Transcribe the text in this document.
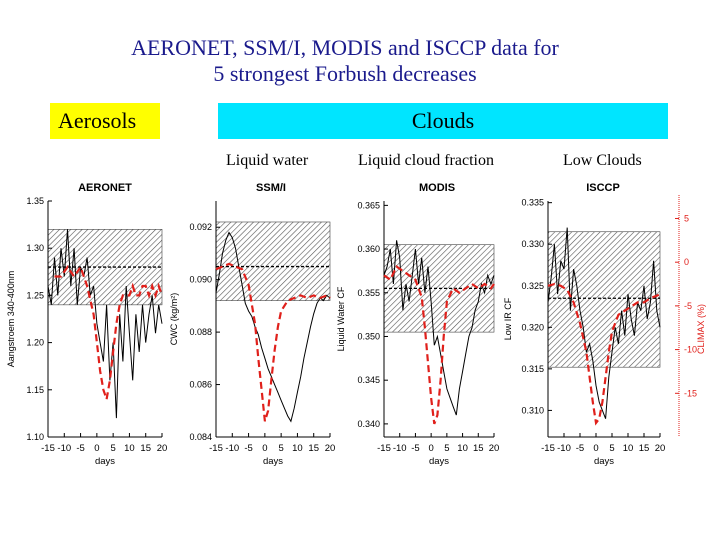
AERONET, SSM/I, MODIS and ISCCP data for
5 strongest Forbush decreases
Aerosols	Clouds
Liquid water	Liquid cloud fraction	Low Clouds
1.10
1.15
1.20
1.25
1.30
1.35
-15 -10 -5 0 5 10 15 20
days
Aangstroem 340-400nm
AERONET
0.084
0.086
0.088
0.090
0.092
-15 -10 -5 0 5 10 15 20
days
CWC (kg/m²)
SSM/I
0.340
0.345
0.350
0.355
0.360
0.365
-15 -10 -5 0 5 10 15 20
days
Liquid Water CF
MODIS
0.310
0.315
0.320
0.325
0.330
0.335
-15 -10 -5 0 5 10 15 20
days
Low IR CF
ISCCP
5
0
-5
-10
-15
CLIMAX (%)
